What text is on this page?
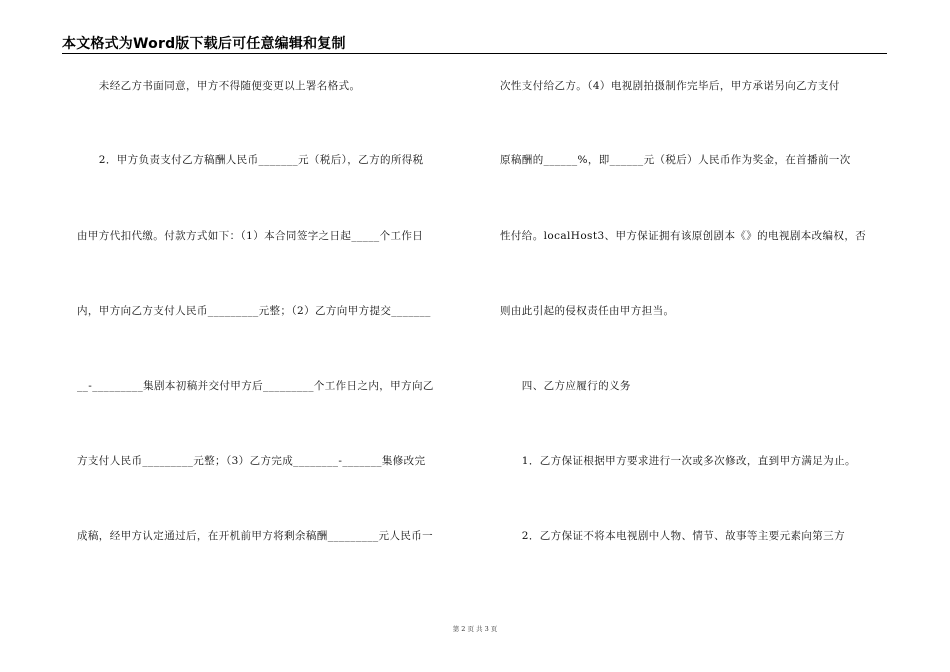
本文格式为Word版下载后可任意编辑和复制
　　未经乙方书面同意，甲方不得随便变更以上署名格式。
　　2．甲方负责支付乙方稿酬人民币_______元（税后），乙方的所得税
由甲方代扣代缴。付款方式如下：（1）本合同签字之日起_____个工作日
内，甲方向乙方支付人民币_________元整；（2）乙方向甲方提交_______
__-_________集剧本初稿并交付甲方后_________个工作日之内，甲方向乙
方支付人民币_________元整；（3）乙方完成________-_______集修改完
成稿，经甲方认定通过后，在开机前甲方将剩余稿酬_________元人民币一
次性支付给乙方。（4）电视剧拍摄制作完毕后，甲方承诺另向乙方支付
原稿酬的______%，即______元（税后）人民币作为奖金，在首播前一次
性付给。localHost3、甲方保证拥有该原创剧本《》的电视剧本改编权，否
则由此引起的侵权责任由甲方担当。
　　四、乙方应履行的义务
　　1．乙方保证根据甲方要求进行一次或多次修改，直到甲方满足为止。
　　2．乙方保证不将本电视剧中人物、情节、故事等主要元素向第三方
第 2 页 共 3 页
